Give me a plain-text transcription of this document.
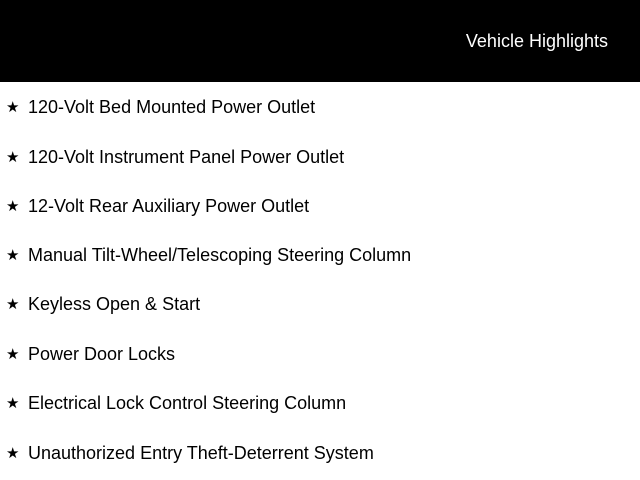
Vehicle Highlights
★ 120-Volt Bed Mounted Power Outlet
★ 120-Volt Instrument Panel Power Outlet
★ 12-Volt Rear Auxiliary Power Outlet
★ Manual Tilt-Wheel/Telescoping Steering Column
★ Keyless Open & Start
★ Power Door Locks
★ Electrical Lock Control Steering Column
★ Unauthorized Entry Theft-Deterrent System
